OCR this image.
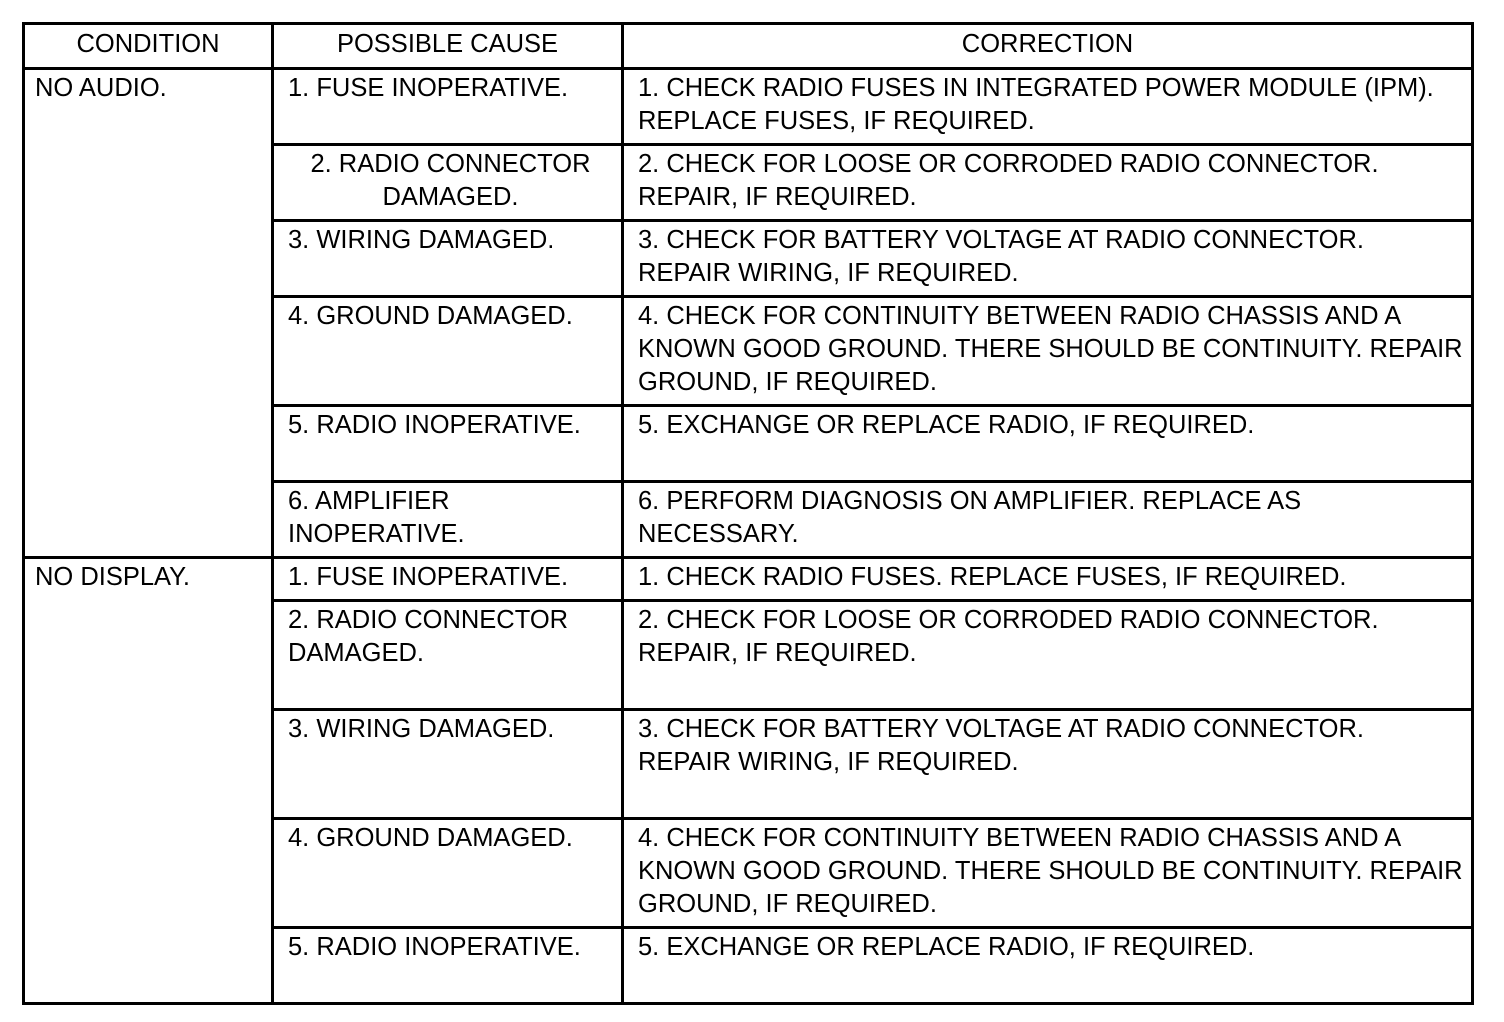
CONDITION	POSSIBLE CAUSE	CORRECTION
NO AUDIO.	1. FUSE INOPERATIVE.	1. CHECK RADIO FUSES IN INTEGRATED POWER MODULE (IPM). REPLACE FUSES, IF REQUIRED.
	2. RADIO CONNECTOR DAMAGED.	2. CHECK FOR LOOSE OR CORRODED RADIO CONNECTOR. REPAIR, IF REQUIRED.
	3. WIRING DAMAGED.	3. CHECK FOR BATTERY VOLTAGE AT RADIO CONNECTOR. REPAIR WIRING, IF REQUIRED.
	4. GROUND DAMAGED.	4. CHECK FOR CONTINUITY BETWEEN RADIO CHASSIS AND A KNOWN GOOD GROUND. THERE SHOULD BE CONTINUITY. REPAIR GROUND, IF REQUIRED.
	5. RADIO INOPERATIVE.	5. EXCHANGE OR REPLACE RADIO, IF REQUIRED.
	6. AMPLIFIER INOPERATIVE.	6. PERFORM DIAGNOSIS ON AMPLIFIER. REPLACE AS NECESSARY.
NO DISPLAY.	1. FUSE INOPERATIVE.	1. CHECK RADIO FUSES. REPLACE FUSES, IF REQUIRED.
	2. RADIO CONNECTOR DAMAGED.	2. CHECK FOR LOOSE OR CORRODED RADIO CONNECTOR. REPAIR, IF REQUIRED.
	3. WIRING DAMAGED.	3. CHECK FOR BATTERY VOLTAGE AT RADIO CONNECTOR. REPAIR WIRING, IF REQUIRED.
	4. GROUND DAMAGED.	4. CHECK FOR CONTINUITY BETWEEN RADIO CHASSIS AND A KNOWN GOOD GROUND. THERE SHOULD BE CONTINUITY. REPAIR GROUND, IF REQUIRED.
	5. RADIO INOPERATIVE.	5. EXCHANGE OR REPLACE RADIO, IF REQUIRED.
